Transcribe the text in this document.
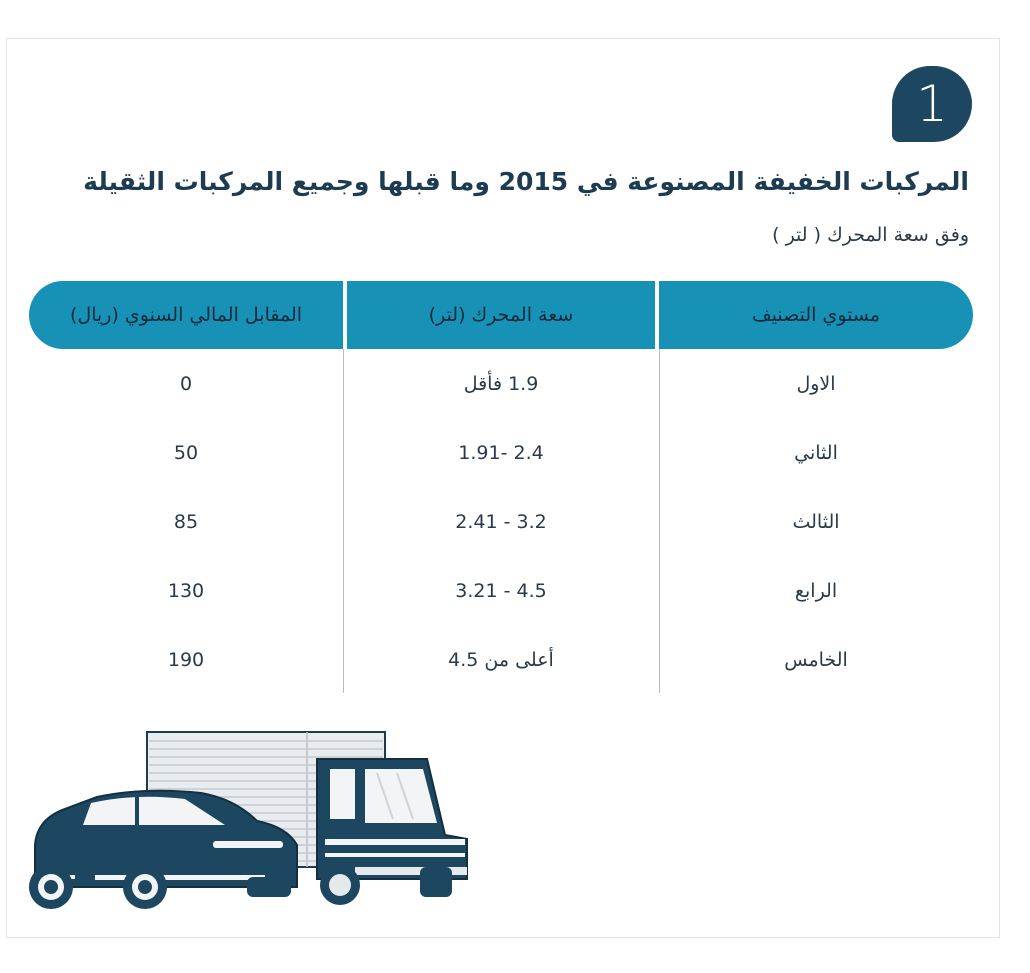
1
المركبات الخفيفة المصنوعة في 2015 وما قبلها وجميع المركبات الثقيلة
وفق سعة المحرك ( لتر )
مستوي التصنيف
سعة المحرك (لتر)
المقابل المالي السنوي (ريال)
الاول
1.9 فأقل
0
الثاني
2.4 -1.91
50
الثالث
3.2 - 2.41
85
الرابع
4.5 - 3.21
130
الخامس
أعلى من 4.5
190
